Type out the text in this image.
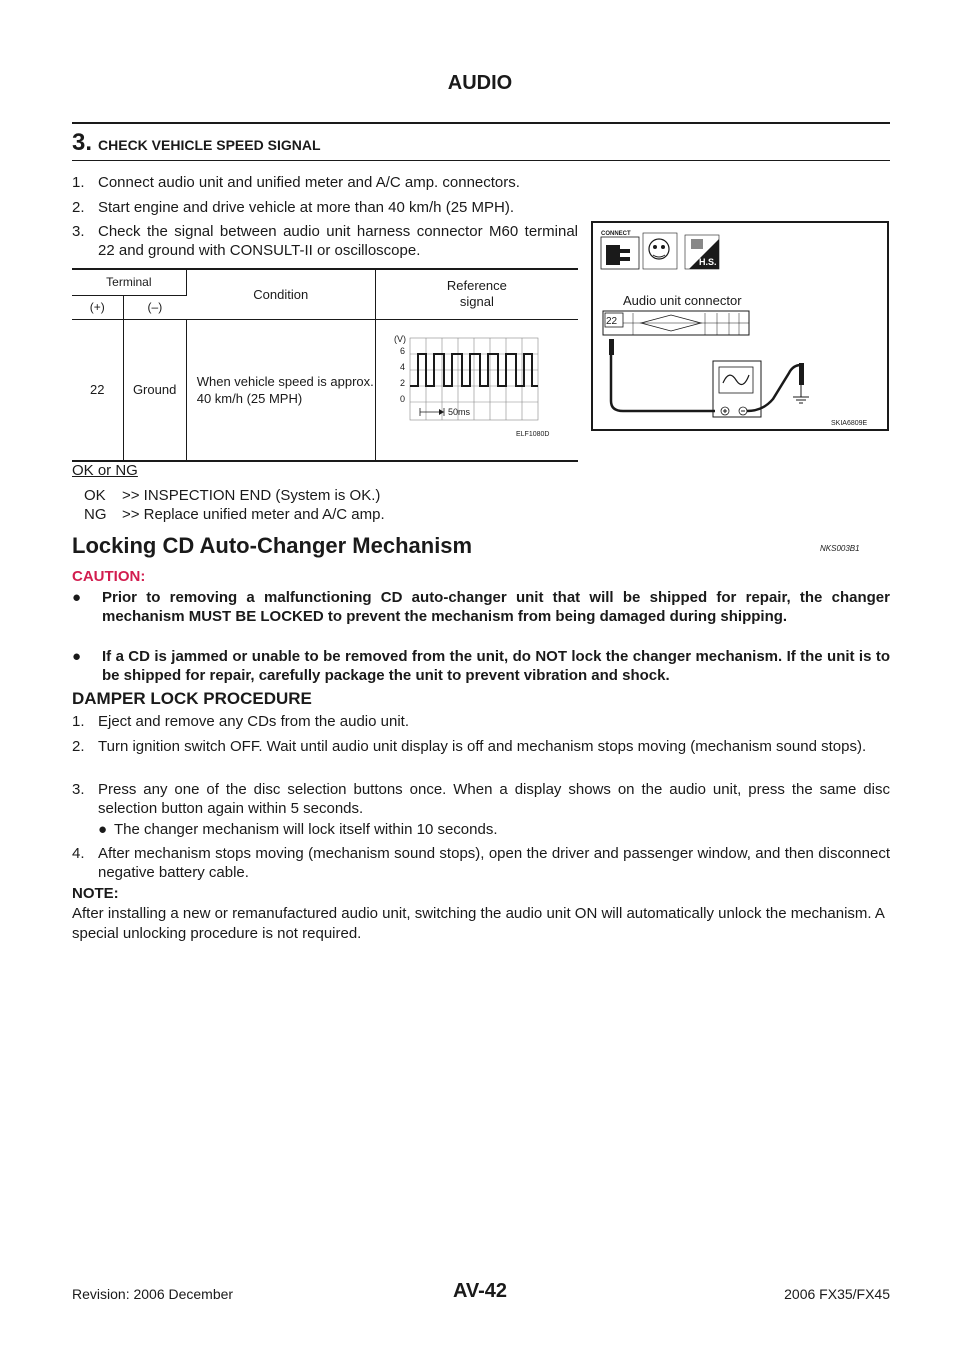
AUDIO
3. CHECK VEHICLE SPEED SIGNAL
1. Connect audio unit and unified meter and A/C amp. connectors.
2. Start engine and drive vehicle at more than 40 km/h (25 MPH).
3. Check the signal between audio unit harness connector M60 terminal 22 and ground with CONSULT-II or oscilloscope.
Terminal		Condition	Reference signal
(+)	(–)		
22	Ground	When vehicle speed is approx. 40 km/h (25 MPH)	
(V)
6
4
2
0
50ms
ELF1080D
CONNECT
H.S.
Audio unit connector
22
SKIA6809E
OK or NG
OK >> INSPECTION END (System is OK.)
NG >> Replace unified meter and A/C amp.
Locking CD Auto-Changer Mechanism	NKS003B1
CAUTION:
●	Prior to removing a malfunctioning CD auto-changer unit that will be shipped for repair, the changer mechanism MUST BE LOCKED to prevent the mechanism from being damaged during shipping.
●	If a CD is jammed or unable to be removed from the unit, do NOT lock the changer mechanism. If the unit is to be shipped for repair, carefully package the unit to prevent vibration and shock.
DAMPER LOCK PROCEDURE
1. Eject and remove any CDs from the audio unit.
2. Turn ignition switch OFF. Wait until audio unit display is off and mechanism stops moving (mechanism sound stops).
3. Press any one of the disc selection buttons once. When a display shows on the audio unit, press the same disc selection button again within 5 seconds.
● The changer mechanism will lock itself within 10 seconds.
4. After mechanism stops moving (mechanism sound stops), open the driver and passenger window, and then disconnect negative battery cable.
NOTE:
After installing a new or remanufactured audio unit, switching the audio unit ON will automatically unlock the mechanism. A special unlocking procedure is not required.
Revision: 2006 December	AV-42	2006 FX35/FX45
